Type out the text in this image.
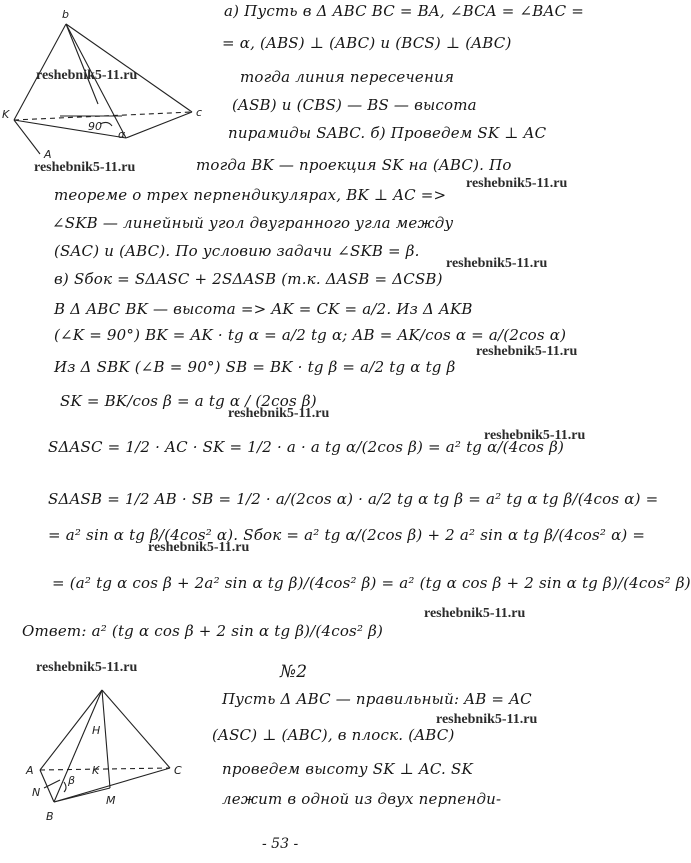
b
K	c
90
α
A
а) Пусть в Δ ABC BC = BA, ∠BCA = ∠BAC =
= α, (ABS) ⊥ (ABC) и (BCS) ⊥ (ABC)
reshebnik5-11.ru	тогда линия пересечения
(ASB) и (CBS) — BS — высота
пирамиды SABC. б) Проведем SK ⊥ AC
reshebnik5-11.ru	тогда BK — проекция SK на (ABC). По
reshebnik5-11.ru
теореме о трех перпендикулярах, BK ⊥ AC =>
∠SKB — линейный угол двугранного угла между
(SAC) и (ABC). По условию задачи ∠SKB = β.
reshebnik5-11.ru
в) Sбок = SΔASC + 2SΔASB (т.к. ΔASB = ΔCSB)
В Δ ABC BK — высота => AK = CK = a/2. Из Δ AKB
(∠K = 90°) BK = AK · tg α = a/2 tg α; AB = AK/cos α = a/(2cos α)
reshebnik5-11.ru
Из Δ SBK (∠B = 90°) SB = BK · tg β = a/2 tg α tg β
SK = BK/cos β = a tg α / (2cos β)
reshebnik5-11.ru
reshebnik5-11.ru
SΔASC = 1/2 · AC · SK = 1/2 · a · a tg α/(2cos β) = a² tg α/(4cos β)
SΔASB = 1/2 AB · SB = 1/2 · a/(2cos α) · a/2 tg α tg β = a² tg α tg β/(4cos α) =
= a² sin α tg β/(4cos² α). Sбок = a² tg α/(2cos β) + 2 a² sin α tg β/(4cos² α) =
reshebnik5-11.ru
= (a² tg α cos β + 2a² sin α tg β)/(4cos² β) = a² (tg α cos β + 2 sin α tg β)/(4cos² β)
reshebnik5-11.ru
Ответ: a² (tg α cos β + 2 sin α tg β)/(4cos² β)
reshebnik5-11.ru	№2
H
K
A
β
N
B
M
C
Пусть Δ ABC — правильный: AB = AC
reshebnik5-11.ru
(ASC) ⊥ (ABC), в плоск. (ABC)
проведем высоту SK ⊥ AC. SK
лежит в одной из двух перпенди-
- 53 -
